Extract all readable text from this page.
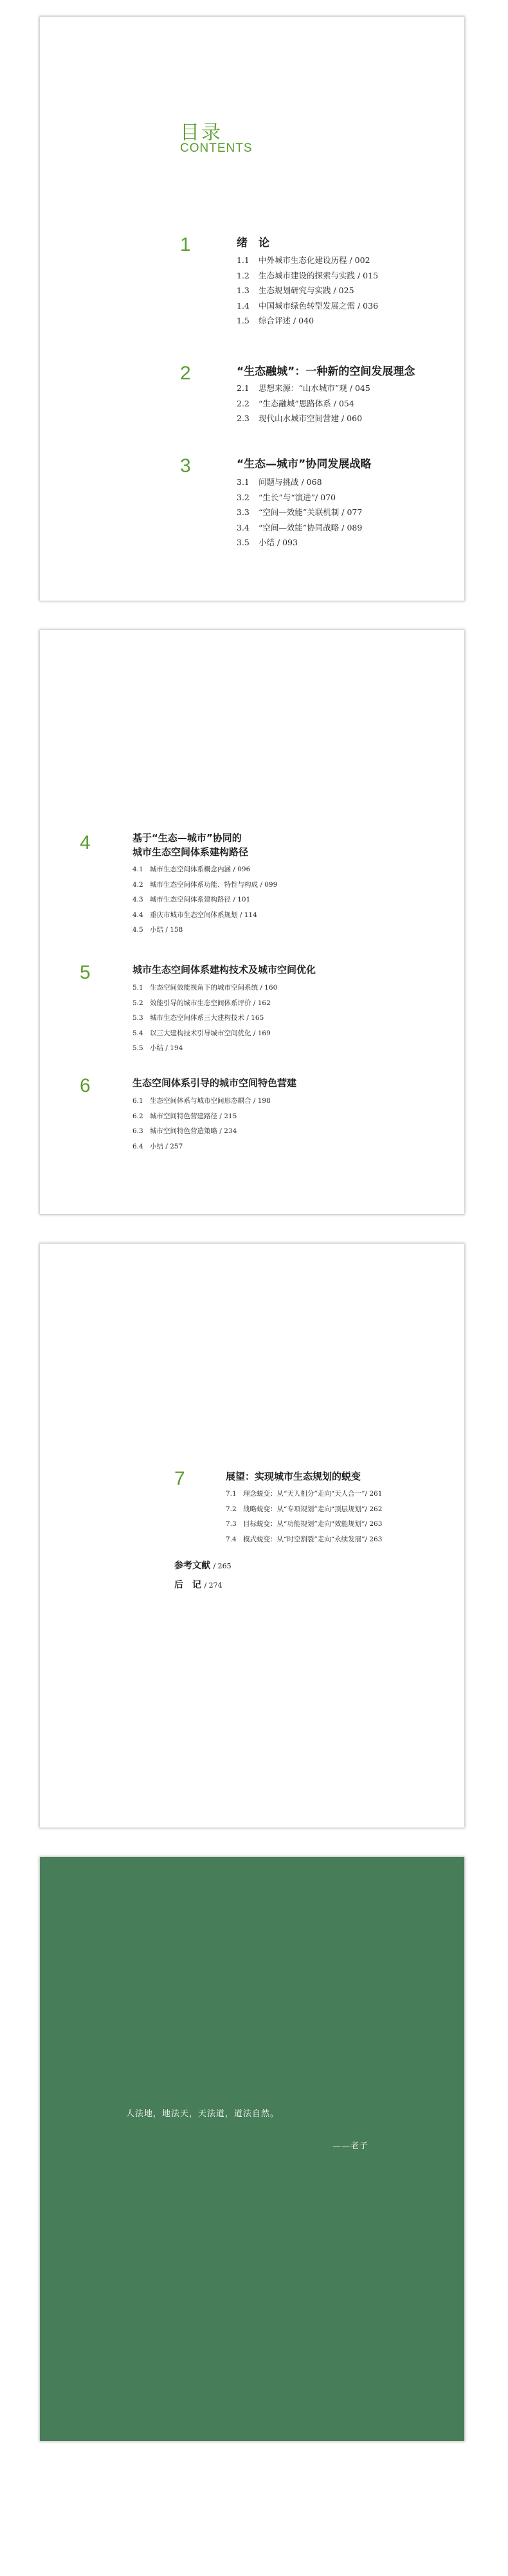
目录
CONTENTS
1	绪　论
1.1 中外城市生态化建设历程 / 002
1.2 生态城市建设的探索与实践 / 015
1.3 生态规划研究与实践 / 025
1.4 中国城市绿色转型发展之需 / 036
1.5 综合评述 / 040
2	“生态融城”：一种新的空间发展理念
2.1 思想来源：“山水城市”观 / 045
2.2 “生态融城”思路体系 / 054
2.3 现代山水城市空间营建 / 060
3	“生态—城市”协同发展战略
3.1 问题与挑战 / 068
3.2 “生长”与“演进”/ 070
3.3 “空间—效能”关联机制 / 077
3.4 “空间—效能”协同战略 / 089
3.5 小结 / 093
4	基于“生态—城市”协同的
城市生态空间体系建构路径
4.1 城市生态空间体系概念内涵 / 096
4.2 城市生态空间体系功能、特性与构成 / 099
4.3 城市生态空间体系建构路径 / 101
4.4 重庆市城市生态空间体系规划 / 114
4.5 小结 / 158
5	城市生态空间体系建构技术及城市空间优化
5.1 生态空间效能视角下的城市空间系统 / 160
5.2 效能引导的城市生态空间体系评价 / 162
5.3 城市生态空间体系三大建构技术 / 165
5.4 以三大建构技术引导城市空间优化 / 169
5.5 小结 / 194
6	生态空间体系引导的城市空间特色营建
6.1 生态空间体系与城市空间形态耦合 / 198
6.2 城市空间特色营建路径 / 215
6.3 城市空间特色营造策略 / 234
6.4 小结 / 257
7	展望：实现城市生态规划的蜕变
7.1 理念蜕变：从“天人相分”走向“天人合一”/ 261
7.2 战略蜕变：从“专项规划”走向“顶层规划”/ 262
7.3 目标蜕变：从“功能规划”走向“效能规划”/ 263
7.4 模式蜕变：从“时空割裂”走向“永续发展”/ 263
参考文献 / 265
后　记 / 274
人法地，地法天，天法道，道法自然。
——老子
